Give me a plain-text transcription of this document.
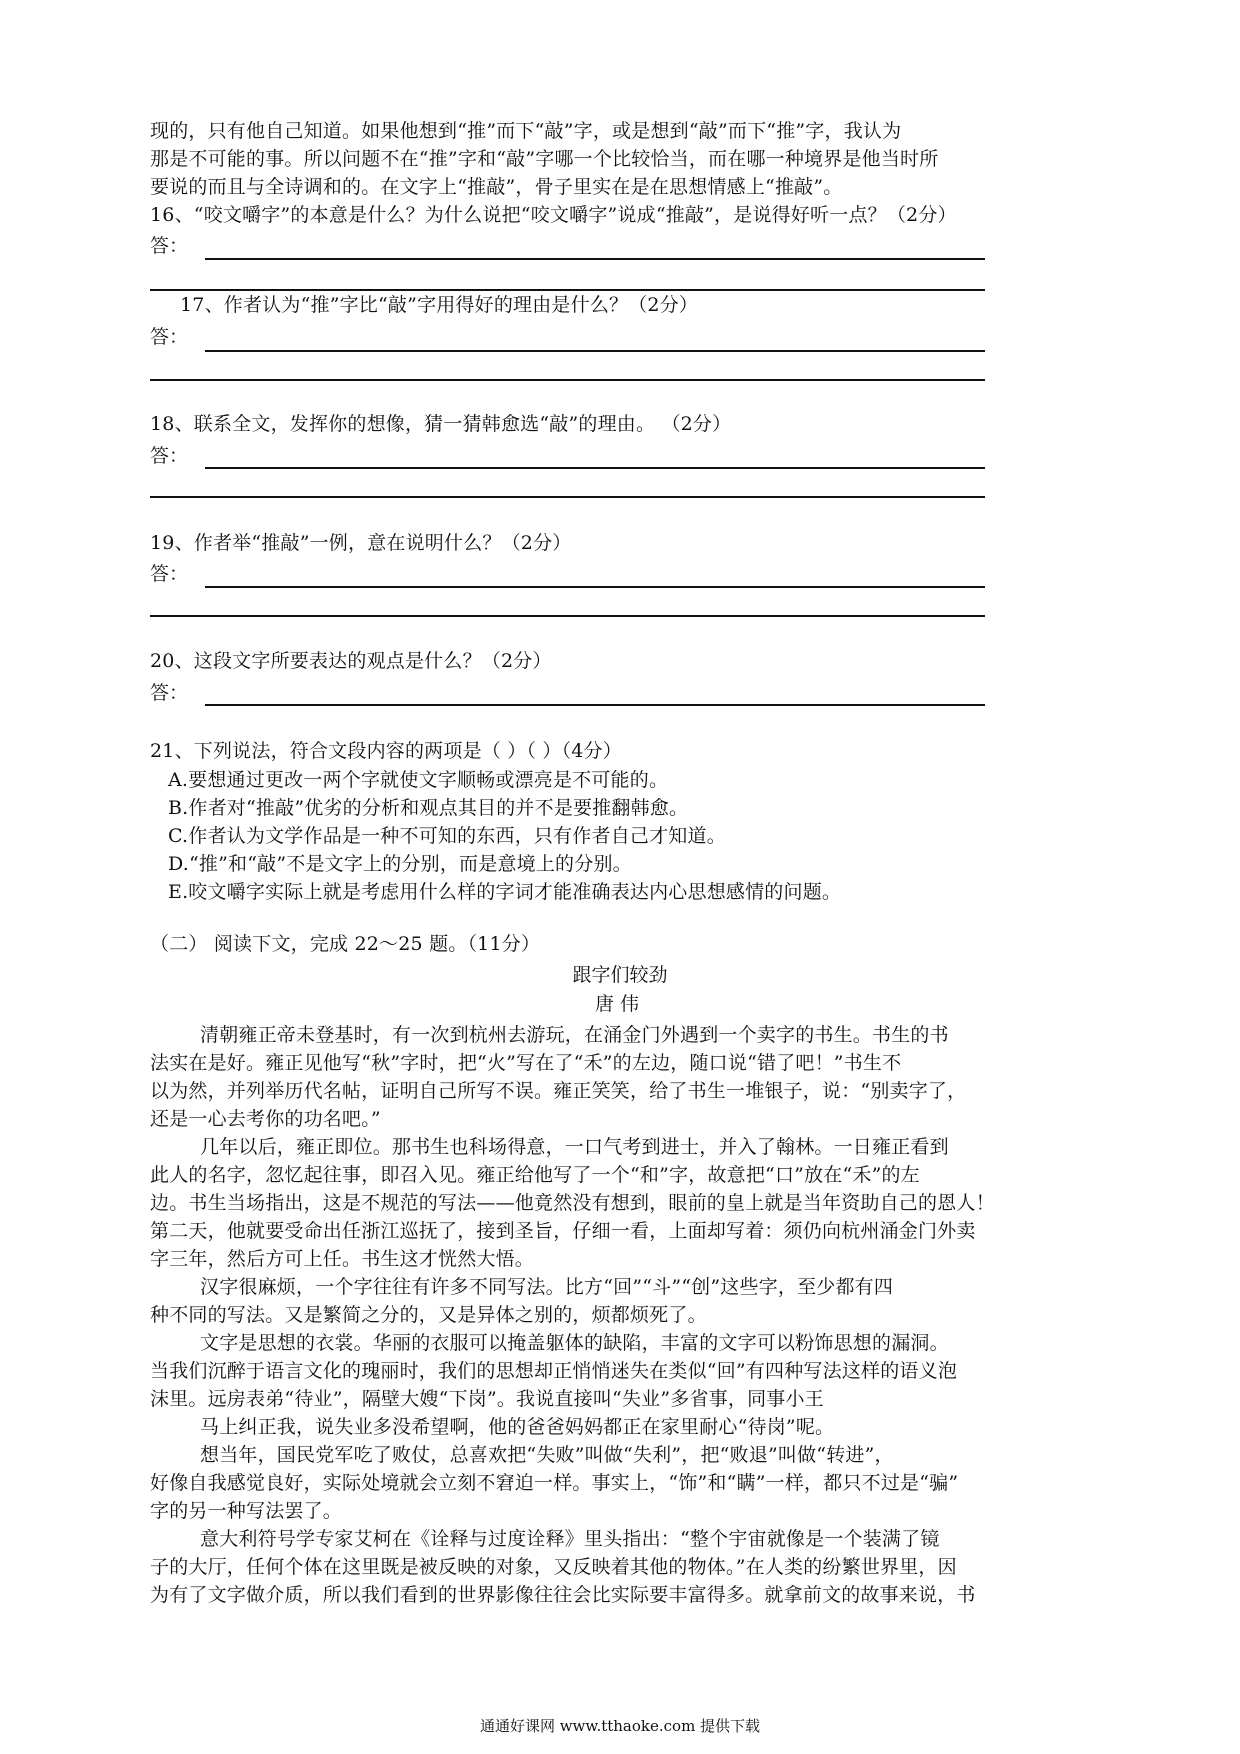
现的，只有他自己知道。如果他想到“推”而下“敲”字，或是想到“敲”而下“推”字，我认为
那是不可能的事。所以问题不在“推”字和“敲”字哪一个比较恰当，而在哪一种境界是他当时所
要说的而且与全诗调和的。在文字上“推敲”，骨子里实在是在思想情感上“推敲”。
16、“咬文嚼字”的本意是什么？为什么说把“咬文嚼字”说成“推敲”，是说得好听一点？（2分）
答：
17、作者认为“推”字比“敲”字用得好的理由是什么？（2分）
答：
18、联系全文，发挥你的想像，猜一猜韩愈选“敲”的理由。 （2分）
答：
19、作者举“推敲”一例，意在说明什么？（2分）
答：
20、这段文字所要表达的观点是什么？（2分）
答：
21、下列说法，符合文段内容的两项是（ ）（ ）（4分）
A.要想通过更改一两个字就使文字顺畅或漂亮是不可能的。
B.作者对“推敲”优劣的分析和观点其目的并不是要推翻韩愈。
C.作者认为文学作品是一种不可知的东西，只有作者自己才知道。
D.“推”和“敲”不是文字上的分别，而是意境上的分别。
E.咬文嚼字实际上就是考虑用什么样的字词才能准确表达内心思想感情的问题。
（二） 阅读下文，完成 22～25 题。（11分）
跟字们较劲
唐伟
清朝雍正帝未登基时，有一次到杭州去游玩，在涌金门外遇到一个卖字的书生。书生的书
法实在是好。雍正见他写“秋”字时，把“火”写在了“禾”的左边，随口说“错了吧！”书生不
以为然，并列举历代名帖，证明自己所写不误。雍正笑笑，给了书生一堆银子，说：“别卖字了，
还是一心去考你的功名吧。”
几年以后，雍正即位。那书生也科场得意，一口气考到进士，并入了翰林。一日雍正看到
此人的名字，忽忆起往事，即召入见。雍正给他写了一个“和”字，故意把“口”放在“禾”的左
边。书生当场指出，这是不规范的写法——他竟然没有想到，眼前的皇上就是当年资助自己的恩人！
第二天，他就要受命出任浙江巡抚了，接到圣旨，仔细一看，上面却写着：须仍向杭州涌金门外卖
字三年，然后方可上任。书生这才恍然大悟。
汉字很麻烦，一个字往往有许多不同写法。比方“回”“斗”“创”这些字，至少都有四
种不同的写法。又是繁简之分的，又是异体之别的，烦都烦死了。
文字是思想的衣裳。华丽的衣服可以掩盖躯体的缺陷，丰富的文字可以粉饰思想的漏洞。
当我们沉醉于语言文化的瑰丽时，我们的思想却正悄悄迷失在类似“回”有四种写法这样的语义泡
沫里。远房表弟“待业”，隔壁大嫂“下岗”。我说直接叫“失业”多省事，同事小王
马上纠正我，说失业多没希望啊，他的爸爸妈妈都正在家里耐心“待岗”呢。
想当年，国民党军吃了败仗，总喜欢把“失败”叫做“失利”，把“败退”叫做“转进”，
好像自我感觉良好，实际处境就会立刻不窘迫一样。事实上，“饰”和“瞒”一样，都只不过是“骗”
字的另一种写法罢了。
意大利符号学专家艾柯在《诠释与过度诠释》里头指出：“整个宇宙就像是一个装满了镜
子的大厅，任何个体在这里既是被反映的对象，又反映着其他的物体。”在人类的纷繁世界里，因
为有了文字做介质，所以我们看到的世界影像往往会比实际要丰富得多。就拿前文的故事来说，书
通通好课网 www.tthaoke.com 提供下载
